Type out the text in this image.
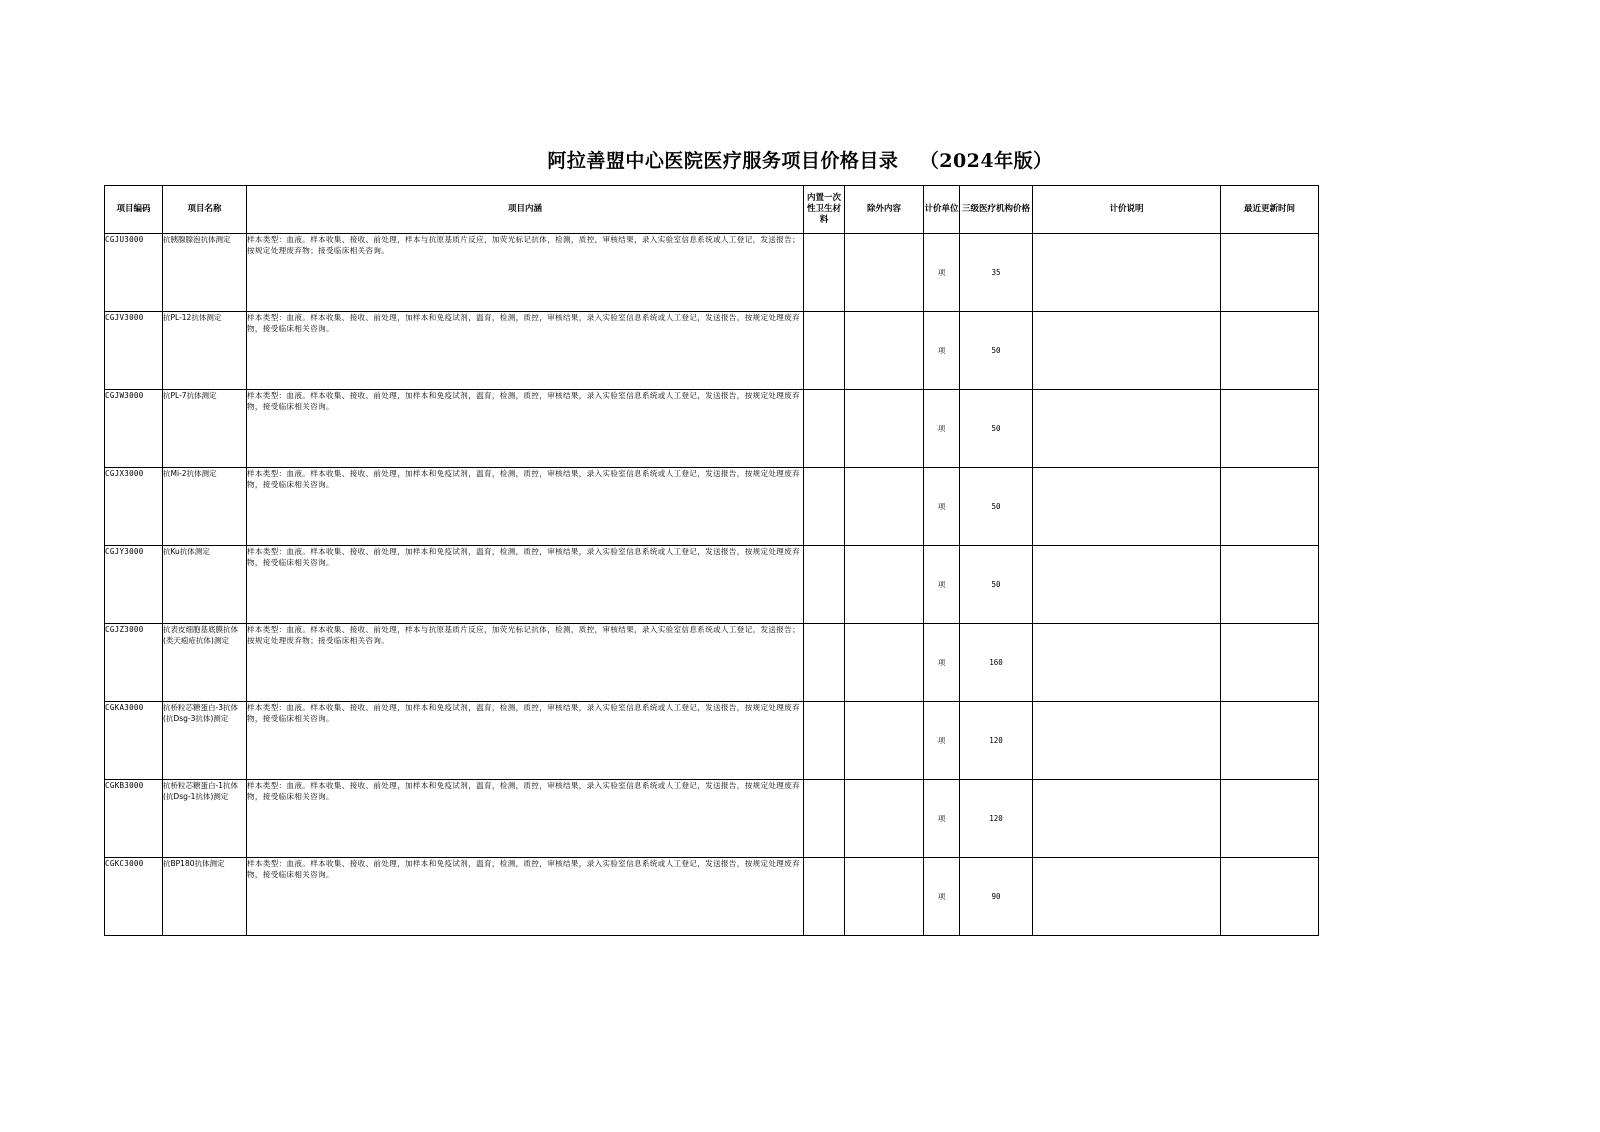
阿拉善盟中心医院医疗服务项目价格目录   （2024年版）
项目编码	项目名称	项目内涵	内置一次性卫生材料	除外内容	计价单位	三级医疗机构价格	计价说明	最近更新时间
CGJU3000	抗胰腺腺泡抗体测定	样本类型：血液。样本收集、接收、前处理，样本与抗原基质片反应，加荧光标记抗体，检测，质控，审核结果，录入实验室信息系统或人工登记，发送报告；按规定处理废弃物；接受临床相关咨询。			项	35		
CGJV3000	抗PL-12抗体测定	样本类型：血液。样本收集、接收、前处理，加样本和免疫试剂，温育，检测，质控，审核结果，录入实验室信息系统或人工登记，发送报告，按规定处理废弃物，接受临床相关咨询。			项	50		
CGJW3000	抗PL-7抗体测定	样本类型：血液。样本收集、接收、前处理，加样本和免疫试剂，温育，检测，质控，审核结果，录入实验室信息系统或人工登记，发送报告，按规定处理废弃物，接受临床相关咨询。			项	50		
CGJX3000	抗Mi-2抗体测定	样本类型：血液。样本收集、接收、前处理，加样本和免疫试剂，温育，检测，质控，审核结果，录入实验室信息系统或人工登记，发送报告，按规定处理废弃物，接受临床相关咨询。			项	50		
CGJY3000	抗Ku抗体测定	样本类型：血液。样本收集、接收、前处理，加样本和免疫试剂，温育，检测，质控，审核结果，录入实验室信息系统或人工登记，发送报告，按规定处理废弃物，接受临床相关咨询。			项	50		
CGJZ3000	抗表皮细胞基底膜抗体(类天疱疮抗体)测定	样本类型：血液。样本收集、接收、前处理，样本与抗原基质片反应，加荧光标记抗体，检测，质控，审核结果，录入实验室信息系统或人工登记，发送报告；按规定处理废弃物；接受临床相关咨询。			项	160		
CGKA3000	抗桥粒芯糖蛋白-3抗体(抗Dsg-3抗体)测定	样本类型：血液。样本收集、接收、前处理，加样本和免疫试剂，温育，检测，质控，审核结果，录入实验室信息系统或人工登记，发送报告，按规定处理废弃物，接受临床相关咨询。			项	120		
CGKB3000	抗桥粒芯糖蛋白-1抗体(抗Dsg-1抗体)测定	样本类型：血液。样本收集、接收、前处理，加样本和免疫试剂，温育，检测，质控，审核结果，录入实验室信息系统或人工登记，发送报告，按规定处理废弃物，接受临床相关咨询。			项	120		
CGKC3000	抗BP180抗体测定	样本类型：血液。样本收集、接收、前处理，加样本和免疫试剂，温育，检测，质控，审核结果，录入实验室信息系统或人工登记，发送报告，按规定处理废弃物，接受临床相关咨询。			项	90		
